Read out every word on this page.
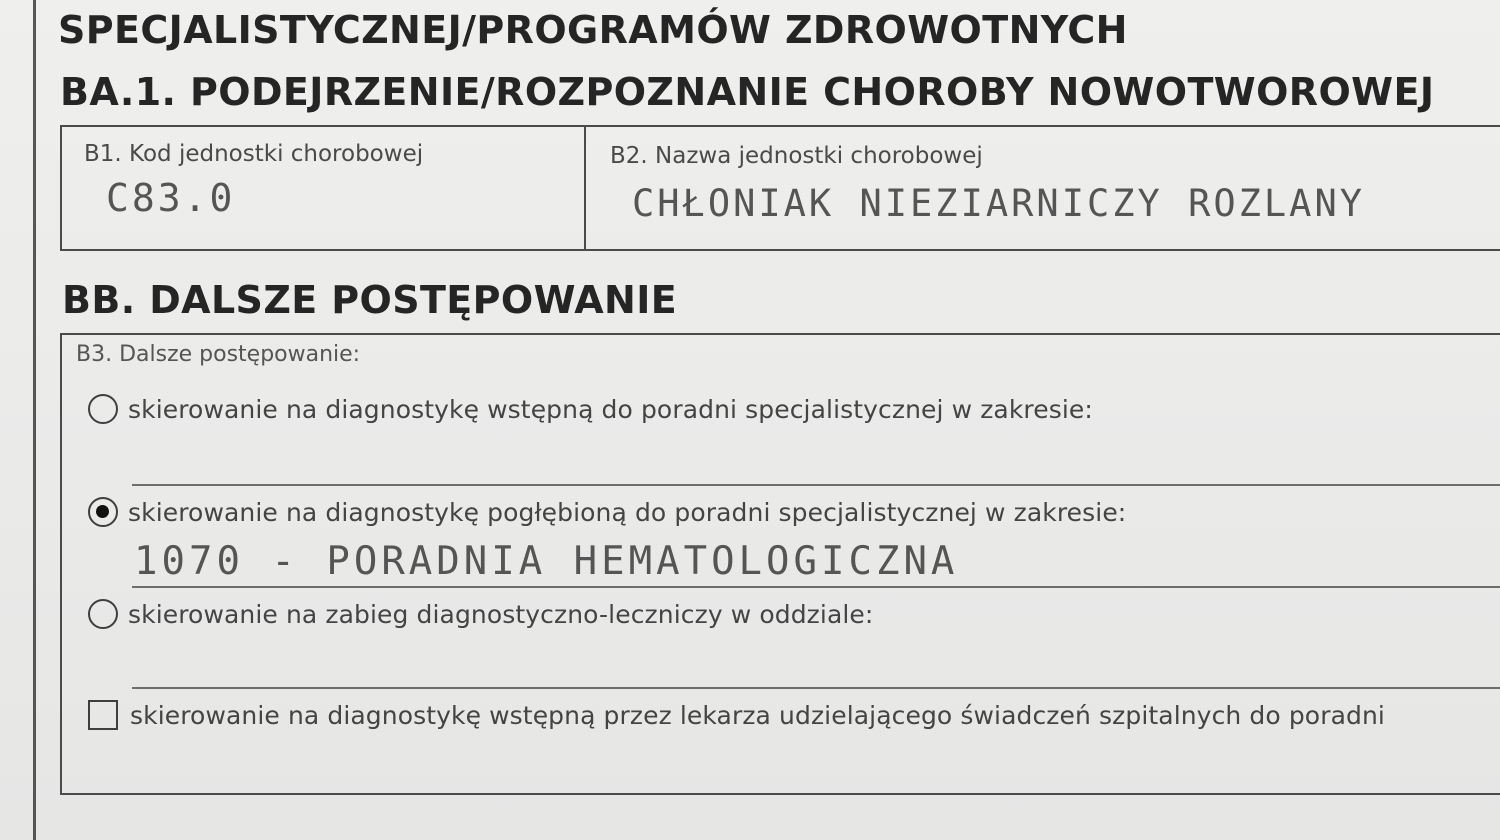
SPECJALISTYCZNEJ/PROGRAMÓW ZDROWOTNYCH
BA.1. PODEJRZENIE/ROZPOZNANIE CHOROBY NOWOTWOROWEJ
B1. Kod jednostki chorobowej
C83.0
B2. Nazwa jednostki chorobowej
CHŁONIAK NIEZIARNICZY ROZLANY
BB. DALSZE POSTĘPOWANIE
B3. Dalsze postępowanie:
skierowanie na diagnostykę wstępną do poradni specjalistycznej w zakresie:
skierowanie na diagnostykę pogłębioną do poradni specjalistycznej w zakresie:
1070 - PORADNIA HEMATOLOGICZNA
skierowanie na zabieg diagnostyczno-leczniczy w oddziale:
skierowanie na diagnostykę wstępną przez lekarza udzielającego świadczeń szpitalnych do poradni
